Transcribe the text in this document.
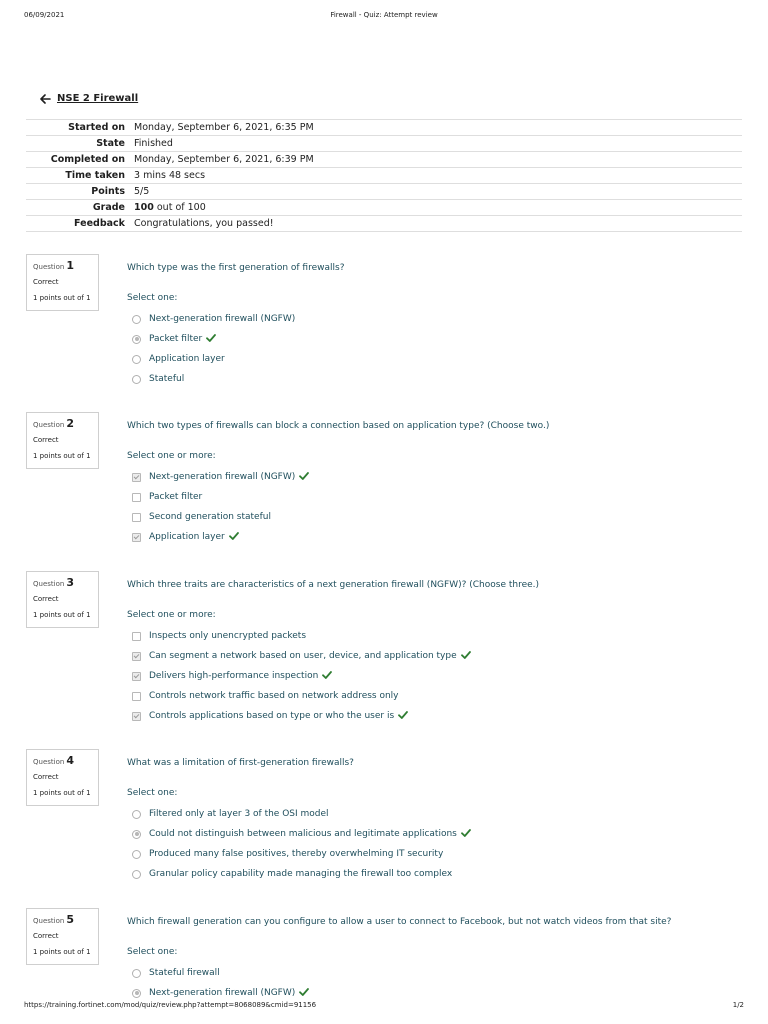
06/09/2021	Firewall - Quiz: Attempt review
NSE 2 Firewall
Started on	Monday, September 6, 2021, 6:35 PM
State	Finished
Completed on	Monday, September 6, 2021, 6:39 PM
Time taken	3 mins 48 secs
Points	5/5
Grade	100 out of 100
Feedback	Congratulations, you passed!
Question 1
Correct
1 points out of 1
Which type was the first generation of firewalls?
Select one:
Next-generation firewall (NGFW)
Packet filter
Application layer
Stateful
Question 2
Correct
1 points out of 1
Which two types of firewalls can block a connection based on application type? (Choose two.)
Select one or more:
Next-generation firewall (NGFW)
Packet filter
Second generation stateful
Application layer
Question 3
Correct
1 points out of 1
Which three traits are characteristics of a next generation firewall (NGFW)? (Choose three.)
Select one or more:
Inspects only unencrypted packets
Can segment a network based on user, device, and application type
Delivers high-performance inspection
Controls network traffic based on network address only
Controls applications based on type or who the user is
Question 4
Correct
1 points out of 1
What was a limitation of first-generation firewalls?
Select one:
Filtered only at layer 3 of the OSI model
Could not distinguish between malicious and legitimate applications
Produced many false positives, thereby overwhelming IT security
Granular policy capability made managing the firewall too complex
Question 5
Correct
1 points out of 1
Which firewall generation can you configure to allow a user to connect to Facebook, but not watch videos from that site?
Select one:
Stateful firewall
Next-generation firewall (NGFW)
https://training.fortinet.com/mod/quiz/review.php?attempt=8068089&cmid=91156	1/2
